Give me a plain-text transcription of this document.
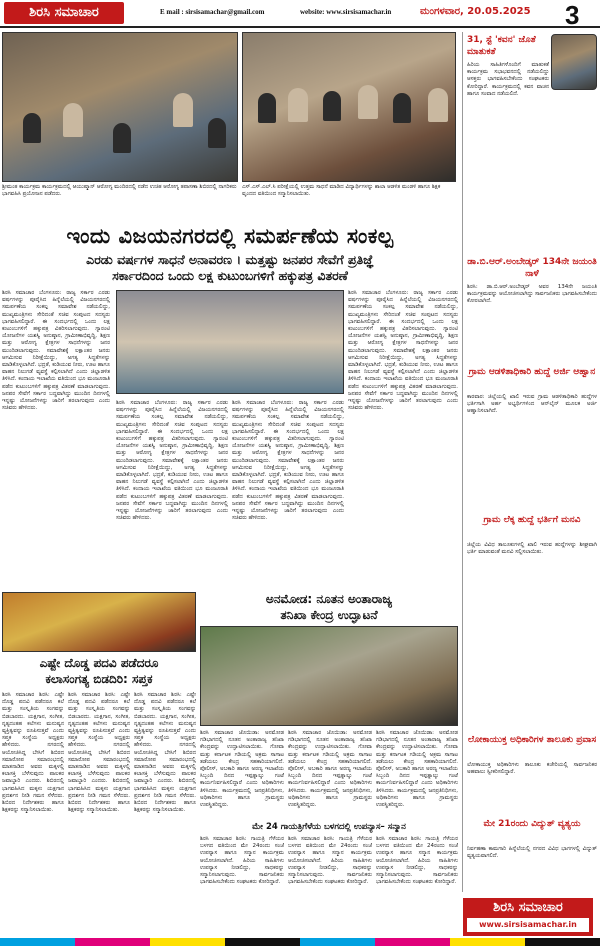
ಶಿರಸಿ ಸಮಾಚಾರ	E mail : sirsisamachar@gmail.com	website: www.sirsisamachar.in	ಮಂಗಳವಾರ, 20.05.2025 3
ಶ್ರೀಮಂತ ಕಾರ್ಯಕ್ರಮ ಕಾರ್ಯಕ್ರಮದಲ್ಲಿ ಆಯುಷ್ಮಾನ್ ಆರೋಗ್ಯ ಮಂದಿರದಲ್ಲಿ ನಡೆದ ಉಚಿತ ಆರೋಗ್ಯ ತಪಾಸಣಾ ಶಿಬಿರದಲ್ಲಿ ನಾಗರಿಕರು ಭಾಗವಹಿಸಿ ಪ್ರಯೋಜನ ಪಡೆದರು.
ಎಸ್.ಎಸ್.ಎಲ್.ಸಿ ಪರೀಕ್ಷೆಯಲ್ಲಿ ಉತ್ತಮ ಸಾಧನೆ ಮಾಡಿದ ವಿದ್ಯಾರ್ಥಿಗಳನ್ನು ಶಾಲಾ ಆಡಳಿತ ಮಂಡಳಿ ಹಾಗೂ ಶಿಕ್ಷಕ ವೃಂದದ ವತಿಯಿಂದ ಸನ್ಮಾನಿಸಲಾಯಿತು.
31, ಸ್ಟೆ 'ಕವನ' ಜೊತೆ ಮಾತುಕತೆ
ಹಿರಿಯ ಸಾಹಿತಿಗಳೊಂದಿಗೆ ಮಾತುಕತೆ ಕಾರ್ಯಕ್ರಮ ಸಭಾಭವನದಲ್ಲಿ ನಡೆಯಲಿದ್ದು ಆಸಕ್ತರು ಭಾಗವಹಿಸಬೇಕೆಂದು ಸಂಘಟಕರು ಕೋರಿದ್ದಾರೆ. ಕಾರ್ಯಕ್ರಮದಲ್ಲಿ ಕವನ ವಾಚನ ಹಾಗೂ ಸಂವಾದ ನಡೆಯಲಿದೆ.
ಡಾ.ಬಿ.ಆರ್.ಅಂಬೇಡ್ಕರ್ 134ನೇ ಜಯಂತಿ ನಾಳೆ
ಶಿರಸಿ: ಡಾ.ಬಿ.ಆರ್.ಅಂಬೇಡ್ಕರ್ ಅವರ 134ನೇ ಜಯಂತಿ ಕಾರ್ಯಕ್ರಮವನ್ನು ಆಯೋಜಿಸಲಾಗಿದ್ದು ಸಾರ್ವಜನಿಕರು ಭಾಗವಹಿಸಬೇಕೆಂದು ಕೋರಲಾಗಿದೆ.
ಗ್ರಾಮ ಆಡಳಿತಾಧಿಕಾರಿ ಹುದ್ದೆ ಅರ್ಜಿ ಆಹ್ವಾನ
ಕಾರವಾರ: ಜಿಲ್ಲೆಯಲ್ಲಿ ಖಾಲಿ ಇರುವ ಗ್ರಾಮ ಆಡಳಿತಾಧಿಕಾರಿ ಹುದ್ದೆಗಳ ಭರ್ತಿಗಾಗಿ ಅರ್ಹ ಅಭ್ಯರ್ಥಿಗಳಿಂದ ಆನ್‌ಲೈನ್ ಮೂಲಕ ಅರ್ಜಿ ಆಹ್ವಾನಿಸಲಾಗಿದೆ.
ಗ್ರಾಮ ಲೆಕ್ಕ ಹುದ್ದೆ ಭರ್ತಿಗೆ ಮನವಿ
ಜಿಲ್ಲೆಯ ವಿವಿಧ ತಾಲೂಕುಗಳಲ್ಲಿ ಖಾಲಿ ಇರುವ ಹುದ್ದೆಗಳನ್ನು ಶೀಘ್ರವಾಗಿ ಭರ್ತಿ ಮಾಡುವಂತೆ ಮನವಿ ಸಲ್ಲಿಸಲಾಯಿತು.
ಲೋಕಾಯುಕ್ತ ಅಧಿಕಾರಿಗಳ ತಾಲೂಕು ಪ್ರವಾಸ
ಲೋಕಾಯುಕ್ತ ಅಧಿಕಾರಿಗಳು ತಾಲೂಕು ಕಚೇರಿಯಲ್ಲಿ ಸಾರ್ವಜನಿಕರ ಅಹವಾಲು ಸ್ವೀಕರಿಸಲಿದ್ದಾರೆ.
ಮೇ 21ರಂದು ವಿದ್ಯುತ್ ವ್ಯತ್ಯಯ
ನಿರ್ವಹಣಾ ಕಾಮಗಾರಿ ಹಿನ್ನೆಲೆಯಲ್ಲಿ ನಗರದ ವಿವಿಧ ಭಾಗಗಳಲ್ಲಿ ವಿದ್ಯುತ್ ವ್ಯತ್ಯಯವಾಗಲಿದೆ.
ಇಂದು ವಿಜಯನಗರದಲ್ಲಿ ಸಮರ್ಪಣೆಯ ಸಂಕಲ್ಪ
ಎರಡು ವರ್ಷಗಳ ಸಾಧನೆ ಅನಾವರಣ । ಮತ್ತಷ್ಟು ಜನಪರ ಸೇವೆಗೆ ಪ್ರತಿಜ್ಞೆ
ಸರ್ಕಾರದಿಂದ ಒಂದು ಲಕ್ಷ ಕುಟುಂಬಗಳಿಗೆ ಹಕ್ಕುಪತ್ರ ವಿತರಣೆ
ಶಿರಸಿ ಸಮಾಚಾರ ಬೆಂಗಳೂರು: ರಾಜ್ಯ ಸರ್ಕಾರ ಎರಡು ವರ್ಷಗಳನ್ನು ಪೂರೈಸಿದ ಹಿನ್ನೆಲೆಯಲ್ಲಿ ವಿಜಯನಗರದಲ್ಲಿ ಸಮರ್ಪಣೆಯ ಸಂಕಲ್ಪ ಸಮಾವೇಶ ನಡೆಯಲಿದ್ದು, ಮುಖ್ಯಮಂತ್ರಿಗಳು ಸೇರಿದಂತೆ ಸಚಿವ ಸಂಪುಟದ ಸದಸ್ಯರು ಭಾಗವಹಿಸಲಿದ್ದಾರೆ. ಈ ಸಂದರ್ಭದಲ್ಲಿ ಒಂದು ಲಕ್ಷ ಕುಟುಂಬಗಳಿಗೆ ಹಕ್ಕುಪತ್ರ ವಿತರಿಸಲಾಗುವುದು. ಗ್ಯಾರಂಟಿ ಯೋಜನೆಗಳ ಯಶಸ್ವಿ ಅನುಷ್ಠಾನ, ಗ್ರಾಮೀಣಾಭಿವೃದ್ಧಿ, ಶಿಕ್ಷಣ ಮತ್ತು ಆರೋಗ್ಯ ಕ್ಷೇತ್ರಗಳ ಸಾಧನೆಗಳನ್ನು ಜನರ ಮುಂದಿಡಲಾಗುವುದು. ಸಮಾವೇಶಕ್ಕೆ ಲಕ್ಷಾಂತರ ಜನರು ಆಗಮಿಸುವ ನಿರೀಕ್ಷೆಯಿದ್ದು, ಅಗತ್ಯ ಸಿದ್ಧತೆಗಳನ್ನು ಮಾಡಿಕೊಳ್ಳಲಾಗಿದೆ. ಭದ್ರತೆ, ಕುಡಿಯುವ ನೀರು, ಊಟ ಹಾಗೂ ವಾಹನ ನಿಲುಗಡೆ ವ್ಯವಸ್ಥೆ ಕಲ್ಪಿಸಲಾಗಿದೆ ಎಂದು ಜಿಲ್ಲಾಡಳಿತ ತಿಳಿಸಿದೆ. ಕಂದಾಯ ಇಲಾಖೆಯ ವತಿಯಿಂದ ಭೂ ಮಂಜೂರಾತಿ ಪಡೆದ ಕುಟುಂಬಗಳಿಗೆ ಹಕ್ಕುಪತ್ರ ವಿತರಣೆ ಮಾಡಲಾಗುವುದು. ಜನಪರ ಸೇವೆಗೆ ಸರ್ಕಾರ ಬದ್ಧವಾಗಿದ್ದು ಮುಂದಿನ ದಿನಗಳಲ್ಲಿ ಇನ್ನಷ್ಟು ಯೋಜನೆಗಳನ್ನು ಜಾರಿಗೆ ತರಲಾಗುವುದು ಎಂದು ಸಚಿವರು ಹೇಳಿದರು.
ಶಿರಸಿ ಸಮಾಚಾರ ಬೆಂಗಳೂರು: ರಾಜ್ಯ ಸರ್ಕಾರ ಎರಡು ವರ್ಷಗಳನ್ನು ಪೂರೈಸಿದ ಹಿನ್ನೆಲೆಯಲ್ಲಿ ವಿಜಯನಗರದಲ್ಲಿ ಸಮರ್ಪಣೆಯ ಸಂಕಲ್ಪ ಸಮಾವೇಶ ನಡೆಯಲಿದ್ದು, ಮುಖ್ಯಮಂತ್ರಿಗಳು ಸೇರಿದಂತೆ ಸಚಿವ ಸಂಪುಟದ ಸದಸ್ಯರು ಭಾಗವಹಿಸಲಿದ್ದಾರೆ. ಈ ಸಂದರ್ಭದಲ್ಲಿ ಒಂದು ಲಕ್ಷ ಕುಟುಂಬಗಳಿಗೆ ಹಕ್ಕುಪತ್ರ ವಿತರಿಸಲಾಗುವುದು. ಗ್ಯಾರಂಟಿ ಯೋಜನೆಗಳ ಯಶಸ್ವಿ ಅನುಷ್ಠಾನ, ಗ್ರಾಮೀಣಾಭಿವೃದ್ಧಿ, ಶಿಕ್ಷಣ ಮತ್ತು ಆರೋಗ್ಯ ಕ್ಷೇತ್ರಗಳ ಸಾಧನೆಗಳನ್ನು ಜನರ ಮುಂದಿಡಲಾಗುವುದು. ಸಮಾವೇಶಕ್ಕೆ ಲಕ್ಷಾಂತರ ಜನರು ಆಗಮಿಸುವ ನಿರೀಕ್ಷೆಯಿದ್ದು, ಅಗತ್ಯ ಸಿದ್ಧತೆಗಳನ್ನು ಮಾಡಿಕೊಳ್ಳಲಾಗಿದೆ. ಭದ್ರತೆ, ಕುಡಿಯುವ ನೀರು, ಊಟ ಹಾಗೂ ವಾಹನ ನಿಲುಗಡೆ ವ್ಯವಸ್ಥೆ ಕಲ್ಪಿಸಲಾಗಿದೆ ಎಂದು ಜಿಲ್ಲಾಡಳಿತ ತಿಳಿಸಿದೆ. ಕಂದಾಯ ಇಲಾಖೆಯ ವತಿಯಿಂದ ಭೂ ಮಂಜೂರಾತಿ ಪಡೆದ ಕುಟುಂಬಗಳಿಗೆ ಹಕ್ಕುಪತ್ರ ವಿತರಣೆ ಮಾಡಲಾಗುವುದು. ಜನಪರ ಸೇವೆಗೆ ಸರ್ಕಾರ ಬದ್ಧವಾಗಿದ್ದು ಮುಂದಿನ ದಿನಗಳಲ್ಲಿ ಇನ್ನಷ್ಟು ಯೋಜನೆಗಳನ್ನು ಜಾರಿಗೆ ತರಲಾಗುವುದು ಎಂದು ಸಚಿವರು ಹೇಳಿದರು.
ಶಿರಸಿ ಸಮಾಚಾರ ಬೆಂಗಳೂರು: ರಾಜ್ಯ ಸರ್ಕಾರ ಎರಡು ವರ್ಷಗಳನ್ನು ಪೂರೈಸಿದ ಹಿನ್ನೆಲೆಯಲ್ಲಿ ವಿಜಯನಗರದಲ್ಲಿ ಸಮರ್ಪಣೆಯ ಸಂಕಲ್ಪ ಸಮಾವೇಶ ನಡೆಯಲಿದ್ದು, ಮುಖ್ಯಮಂತ್ರಿಗಳು ಸೇರಿದಂತೆ ಸಚಿವ ಸಂಪುಟದ ಸದಸ್ಯರು ಭಾಗವಹಿಸಲಿದ್ದಾರೆ. ಈ ಸಂದರ್ಭದಲ್ಲಿ ಒಂದು ಲಕ್ಷ ಕುಟುಂಬಗಳಿಗೆ ಹಕ್ಕುಪತ್ರ ವಿತರಿಸಲಾಗುವುದು. ಗ್ಯಾರಂಟಿ ಯೋಜನೆಗಳ ಯಶಸ್ವಿ ಅನುಷ್ಠಾನ, ಗ್ರಾಮೀಣಾಭಿವೃದ್ಧಿ, ಶಿಕ್ಷಣ ಮತ್ತು ಆರೋಗ್ಯ ಕ್ಷೇತ್ರಗಳ ಸಾಧನೆಗಳನ್ನು ಜನರ ಮುಂದಿಡಲಾಗುವುದು. ಸಮಾವೇಶಕ್ಕೆ ಲಕ್ಷಾಂತರ ಜನರು ಆಗಮಿಸುವ ನಿರೀಕ್ಷೆಯಿದ್ದು, ಅಗತ್ಯ ಸಿದ್ಧತೆಗಳನ್ನು ಮಾಡಿಕೊಳ್ಳಲಾಗಿದೆ. ಭದ್ರತೆ, ಕುಡಿಯುವ ನೀರು, ಊಟ ಹಾಗೂ ವಾಹನ ನಿಲುಗಡೆ ವ್ಯವಸ್ಥೆ ಕಲ್ಪಿಸಲಾಗಿದೆ ಎಂದು ಜಿಲ್ಲಾಡಳಿತ ತಿಳಿಸಿದೆ. ಕಂದಾಯ ಇಲಾಖೆಯ ವತಿಯಿಂದ ಭೂ ಮಂಜೂರಾತಿ ಪಡೆದ ಕುಟುಂಬಗಳಿಗೆ ಹಕ್ಕುಪತ್ರ ವಿತರಣೆ ಮಾಡಲಾಗುವುದು. ಜನಪರ ಸೇವೆಗೆ ಸರ್ಕಾರ ಬದ್ಧವಾಗಿದ್ದು ಮುಂದಿನ ದಿನಗಳಲ್ಲಿ ಇನ್ನಷ್ಟು ಯೋಜನೆಗಳನ್ನು ಜಾರಿಗೆ ತರಲಾಗುವುದು ಎಂದು ಸಚಿವರು ಹೇಳಿದರು.
ಶಿರಸಿ ಸಮಾಚಾರ ಬೆಂಗಳೂರು: ರಾಜ್ಯ ಸರ್ಕಾರ ಎರಡು ವರ್ಷಗಳನ್ನು ಪೂರೈಸಿದ ಹಿನ್ನೆಲೆಯಲ್ಲಿ ವಿಜಯನಗರದಲ್ಲಿ ಸಮರ್ಪಣೆಯ ಸಂಕಲ್ಪ ಸಮಾವೇಶ ನಡೆಯಲಿದ್ದು, ಮುಖ್ಯಮಂತ್ರಿಗಳು ಸೇರಿದಂತೆ ಸಚಿವ ಸಂಪುಟದ ಸದಸ್ಯರು ಭಾಗವಹಿಸಲಿದ್ದಾರೆ. ಈ ಸಂದರ್ಭದಲ್ಲಿ ಒಂದು ಲಕ್ಷ ಕುಟುಂಬಗಳಿಗೆ ಹಕ್ಕುಪತ್ರ ವಿತರಿಸಲಾಗುವುದು. ಗ್ಯಾರಂಟಿ ಯೋಜನೆಗಳ ಯಶಸ್ವಿ ಅನುಷ್ಠಾನ, ಗ್ರಾಮೀಣಾಭಿವೃದ್ಧಿ, ಶಿಕ್ಷಣ ಮತ್ತು ಆರೋಗ್ಯ ಕ್ಷೇತ್ರಗಳ ಸಾಧನೆಗಳನ್ನು ಜನರ ಮುಂದಿಡಲಾಗುವುದು. ಸಮಾವೇಶಕ್ಕೆ ಲಕ್ಷಾಂತರ ಜನರು ಆಗಮಿಸುವ ನಿರೀಕ್ಷೆಯಿದ್ದು, ಅಗತ್ಯ ಸಿದ್ಧತೆಗಳನ್ನು ಮಾಡಿಕೊಳ್ಳಲಾಗಿದೆ. ಭದ್ರತೆ, ಕುಡಿಯುವ ನೀರು, ಊಟ ಹಾಗೂ ವಾಹನ ನಿಲುಗಡೆ ವ್ಯವಸ್ಥೆ ಕಲ್ಪಿಸಲಾಗಿದೆ ಎಂದು ಜಿಲ್ಲಾಡಳಿತ ತಿಳಿಸಿದೆ. ಕಂದಾಯ ಇಲಾಖೆಯ ವತಿಯಿಂದ ಭೂ ಮಂಜೂರಾತಿ ಪಡೆದ ಕುಟುಂಬಗಳಿಗೆ ಹಕ್ಕುಪತ್ರ ವಿತರಣೆ ಮಾಡಲಾಗುವುದು. ಜನಪರ ಸೇವೆಗೆ ಸರ್ಕಾರ ಬದ್ಧವಾಗಿದ್ದು ಮುಂದಿನ ದಿನಗಳಲ್ಲಿ ಇನ್ನಷ್ಟು ಯೋಜನೆಗಳನ್ನು ಜಾರಿಗೆ ತರಲಾಗುವುದು ಎಂದು ಸಚಿವರು ಹೇಳಿದರು.
ಎಷ್ಟೇ ದೊಡ್ಡ ಪದವಿ ಪಡೆದರೂ
ಕಲಾಸಂಗತ್ಯ ಬಿಡದಿರಿ: ಸಪ್ತಕ
ಶಿರಸಿ ಸಮಾಚಾರ ಶಿರಸಿ: ಎಷ್ಟೇ ದೊಡ್ಡ ಪದವಿ ಪಡೆದರೂ ಕಲೆ ಮತ್ತು ಸಂಸ್ಕೃತಿಯ ಸಂಗವನ್ನು ಬಿಡಬಾರದು. ಯಕ್ಷಗಾನ, ಸಂಗೀತ, ನೃತ್ಯದಂತಹ ಕಲೆಗಳು ಮನುಷ್ಯನ ವ್ಯಕ್ತಿತ್ವವನ್ನು ರೂಪಿಸುತ್ತವೆ ಎಂದು ಸಪ್ತಕ ಸಂಸ್ಥೆಯ ಅಧ್ಯಕ್ಷರು ಹೇಳಿದರು. ನಗರದಲ್ಲಿ ಆಯೋಜಿಸಿದ್ದ ಬೇಸಿಗೆ ಶಿಬಿರದ ಸಮಾರೋಪ ಸಮಾರಂಭದಲ್ಲಿ ಮಾತನಾಡಿದ ಅವರು ಮಕ್ಕಳಲ್ಲಿ ಕಲಾಸಕ್ತಿ ಬೆಳೆಸುವುದು ಪಾಲಕರ ಜವಾಬ್ದಾರಿ ಎಂದರು. ಶಿಬಿರದಲ್ಲಿ ಭಾಗವಹಿಸಿದ ಮಕ್ಕಳು ಯಕ್ಷಗಾನ ಪ್ರದರ್ಶನ ನೀಡಿ ಗಮನ ಸೆಳೆದರು. ಶಿಬಿರದ ನಿರ್ದೇಶಕರು ಹಾಗೂ ಶಿಕ್ಷಕರನ್ನು ಸನ್ಮಾನಿಸಲಾಯಿತು.
ಶಿರಸಿ ಸಮಾಚಾರ ಶಿರಸಿ: ಎಷ್ಟೇ ದೊಡ್ಡ ಪದವಿ ಪಡೆದರೂ ಕಲೆ ಮತ್ತು ಸಂಸ್ಕೃತಿಯ ಸಂಗವನ್ನು ಬಿಡಬಾರದು. ಯಕ್ಷಗಾನ, ಸಂಗೀತ, ನೃತ್ಯದಂತಹ ಕಲೆಗಳು ಮನುಷ್ಯನ ವ್ಯಕ್ತಿತ್ವವನ್ನು ರೂಪಿಸುತ್ತವೆ ಎಂದು ಸಪ್ತಕ ಸಂಸ್ಥೆಯ ಅಧ್ಯಕ್ಷರು ಹೇಳಿದರು. ನಗರದಲ್ಲಿ ಆಯೋಜಿಸಿದ್ದ ಬೇಸಿಗೆ ಶಿಬಿರದ ಸಮಾರೋಪ ಸಮಾರಂಭದಲ್ಲಿ ಮಾತನಾಡಿದ ಅವರು ಮಕ್ಕಳಲ್ಲಿ ಕಲಾಸಕ್ತಿ ಬೆಳೆಸುವುದು ಪಾಲಕರ ಜವಾಬ್ದಾರಿ ಎಂದರು. ಶಿಬಿರದಲ್ಲಿ ಭಾಗವಹಿಸಿದ ಮಕ್ಕಳು ಯಕ್ಷಗಾನ ಪ್ರದರ್ಶನ ನೀಡಿ ಗಮನ ಸೆಳೆದರು. ಶಿಬಿರದ ನಿರ್ದೇಶಕರು ಹಾಗೂ ಶಿಕ್ಷಕರನ್ನು ಸನ್ಮಾನಿಸಲಾಯಿತು.
ಶಿರಸಿ ಸಮಾಚಾರ ಶಿರಸಿ: ಎಷ್ಟೇ ದೊಡ್ಡ ಪದವಿ ಪಡೆದರೂ ಕಲೆ ಮತ್ತು ಸಂಸ್ಕೃತಿಯ ಸಂಗವನ್ನು ಬಿಡಬಾರದು. ಯಕ್ಷಗಾನ, ಸಂಗೀತ, ನೃತ್ಯದಂತಹ ಕಲೆಗಳು ಮನುಷ್ಯನ ವ್ಯಕ್ತಿತ್ವವನ್ನು ರೂಪಿಸುತ್ತವೆ ಎಂದು ಸಪ್ತಕ ಸಂಸ್ಥೆಯ ಅಧ್ಯಕ್ಷರು ಹೇಳಿದರು. ನಗರದಲ್ಲಿ ಆಯೋಜಿಸಿದ್ದ ಬೇಸಿಗೆ ಶಿಬಿರದ ಸಮಾರೋಪ ಸಮಾರಂಭದಲ್ಲಿ ಮಾತನಾಡಿದ ಅವರು ಮಕ್ಕಳಲ್ಲಿ ಕಲಾಸಕ್ತಿ ಬೆಳೆಸುವುದು ಪಾಲಕರ ಜವಾಬ್ದಾರಿ ಎಂದರು. ಶಿಬಿರದಲ್ಲಿ ಭಾಗವಹಿಸಿದ ಮಕ್ಕಳು ಯಕ್ಷಗಾನ ಪ್ರದರ್ಶನ ನೀಡಿ ಗಮನ ಸೆಳೆದರು. ಶಿಬಿರದ ನಿರ್ದೇಶಕರು ಹಾಗೂ ಶಿಕ್ಷಕರನ್ನು ಸನ್ಮಾನಿಸಲಾಯಿತು.
ಅನಮೋಡ: ನೂತನ ಅಂತಾರಾಜ್ಯ
ತನಿಖಾ ಕೇಂದ್ರ ಉದ್ಘಾಟನೆ
ಶಿರಸಿ ಸಮಾಚಾರ ಜೊಯಿಡಾ: ಅನಮೋಡ ಗಡಿಭಾಗದಲ್ಲಿ ನೂತನ ಅಂತಾರಾಜ್ಯ ತನಿಖಾ ಕೇಂದ್ರವನ್ನು ಉದ್ಘಾಟಿಸಲಾಯಿತು. ಗೋವಾ ಮತ್ತು ಕರ್ನಾಟಕ ಗಡಿಯಲ್ಲಿ ಅಕ್ರಮ ಸಾಗಾಟ ತಡೆಯಲು ಕೇಂದ್ರ ಸಹಕಾರಿಯಾಗಲಿದೆ. ಪೊಲೀಸ್, ಅಬಕಾರಿ ಹಾಗೂ ಅರಣ್ಯ ಇಲಾಖೆಯ ಸಿಬ್ಬಂದಿ ದಿನದ ಇಪ್ಪತ್ನಾಲ್ಕು ಗಂಟೆ ಕಾರ್ಯನಿರ್ವಹಿಸಲಿದ್ದಾರೆ ಎಂದು ಅಧಿಕಾರಿಗಳು ತಿಳಿಸಿದರು. ಕಾರ್ಯಕ್ರಮದಲ್ಲಿ ಜನಪ್ರತಿನಿಧಿಗಳು, ಅಧಿಕಾರಿಗಳು ಹಾಗೂ ಗ್ರಾಮಸ್ಥರು ಉಪಸ್ಥಿತರಿದ್ದರು.
ಶಿರಸಿ ಸಮಾಚಾರ ಜೊಯಿಡಾ: ಅನಮೋಡ ಗಡಿಭಾಗದಲ್ಲಿ ನೂತನ ಅಂತಾರಾಜ್ಯ ತನಿಖಾ ಕೇಂದ್ರವನ್ನು ಉದ್ಘಾಟಿಸಲಾಯಿತು. ಗೋವಾ ಮತ್ತು ಕರ್ನಾಟಕ ಗಡಿಯಲ್ಲಿ ಅಕ್ರಮ ಸಾಗಾಟ ತಡೆಯಲು ಕೇಂದ್ರ ಸಹಕಾರಿಯಾಗಲಿದೆ. ಪೊಲೀಸ್, ಅಬಕಾರಿ ಹಾಗೂ ಅರಣ್ಯ ಇಲಾಖೆಯ ಸಿಬ್ಬಂದಿ ದಿನದ ಇಪ್ಪತ್ನಾಲ್ಕು ಗಂಟೆ ಕಾರ್ಯನಿರ್ವಹಿಸಲಿದ್ದಾರೆ ಎಂದು ಅಧಿಕಾರಿಗಳು ತಿಳಿಸಿದರು. ಕಾರ್ಯಕ್ರಮದಲ್ಲಿ ಜನಪ್ರತಿನಿಧಿಗಳು, ಅಧಿಕಾರಿಗಳು ಹಾಗೂ ಗ್ರಾಮಸ್ಥರು ಉಪಸ್ಥಿತರಿದ್ದರು.
ಶಿರಸಿ ಸಮಾಚಾರ ಜೊಯಿಡಾ: ಅನಮೋಡ ಗಡಿಭಾಗದಲ್ಲಿ ನೂತನ ಅಂತಾರಾಜ್ಯ ತನಿಖಾ ಕೇಂದ್ರವನ್ನು ಉದ್ಘಾಟಿಸಲಾಯಿತು. ಗೋವಾ ಮತ್ತು ಕರ್ನಾಟಕ ಗಡಿಯಲ್ಲಿ ಅಕ್ರಮ ಸಾಗಾಟ ತಡೆಯಲು ಕೇಂದ್ರ ಸಹಕಾರಿಯಾಗಲಿದೆ. ಪೊಲೀಸ್, ಅಬಕಾರಿ ಹಾಗೂ ಅರಣ್ಯ ಇಲಾಖೆಯ ಸಿಬ್ಬಂದಿ ದಿನದ ಇಪ್ಪತ್ನಾಲ್ಕು ಗಂಟೆ ಕಾರ್ಯನಿರ್ವಹಿಸಲಿದ್ದಾರೆ ಎಂದು ಅಧಿಕಾರಿಗಳು ತಿಳಿಸಿದರು. ಕಾರ್ಯಕ್ರಮದಲ್ಲಿ ಜನಪ್ರತಿನಿಧಿಗಳು, ಅಧಿಕಾರಿಗಳು ಹಾಗೂ ಗ್ರಾಮಸ್ಥರು ಉಪಸ್ಥಿತರಿದ್ದರು.
ಮೇ 24 ಗಾಯತ್ರಿಗೆಳೆಯ ಬಳಗದಲ್ಲಿ ಉಪನ್ಯಾಸ– ಸನ್ಮಾನ
ಶಿರಸಿ ಸಮಾಚಾರ ಶಿರಸಿ: ಗಾಯತ್ರಿ ಗೆಳೆಯರ ಬಳಗದ ವತಿಯಿಂದ ಮೇ 24ರಂದು ಸಂಜೆ ಉಪನ್ಯಾಸ ಹಾಗೂ ಸನ್ಮಾನ ಕಾರ್ಯಕ್ರಮ ಆಯೋಜಿಸಲಾಗಿದೆ. ಹಿರಿಯ ಸಾಹಿತಿಗಳು ಉಪನ್ಯಾಸ ನೀಡಲಿದ್ದು, ಸಾಧಕರನ್ನು ಸನ್ಮಾನಿಸಲಾಗುವುದು. ಸಾರ್ವಜನಿಕರು ಭಾಗವಹಿಸಬೇಕೆಂದು ಸಂಘಟಕರು ಕೋರಿದ್ದಾರೆ.
ಶಿರಸಿ ಸಮಾಚಾರ ಶಿರಸಿ: ಗಾಯತ್ರಿ ಗೆಳೆಯರ ಬಳಗದ ವತಿಯಿಂದ ಮೇ 24ರಂದು ಸಂಜೆ ಉಪನ್ಯಾಸ ಹಾಗೂ ಸನ್ಮಾನ ಕಾರ್ಯಕ್ರಮ ಆಯೋಜಿಸಲಾಗಿದೆ. ಹಿರಿಯ ಸಾಹಿತಿಗಳು ಉಪನ್ಯಾಸ ನೀಡಲಿದ್ದು, ಸಾಧಕರನ್ನು ಸನ್ಮಾನಿಸಲಾಗುವುದು. ಸಾರ್ವಜನಿಕರು ಭಾಗವಹಿಸಬೇಕೆಂದು ಸಂಘಟಕರು ಕೋರಿದ್ದಾರೆ.
ಶಿರಸಿ ಸಮಾಚಾರ ಶಿರಸಿ: ಗಾಯತ್ರಿ ಗೆಳೆಯರ ಬಳಗದ ವತಿಯಿಂದ ಮೇ 24ರಂದು ಸಂಜೆ ಉಪನ್ಯಾಸ ಹಾಗೂ ಸನ್ಮಾನ ಕಾರ್ಯಕ್ರಮ ಆಯೋಜಿಸಲಾಗಿದೆ. ಹಿರಿಯ ಸಾಹಿತಿಗಳು ಉಪನ್ಯಾಸ ನೀಡಲಿದ್ದು, ಸಾಧಕರನ್ನು ಸನ್ಮಾನಿಸಲಾಗುವುದು. ಸಾರ್ವಜನಿಕರು ಭಾಗವಹಿಸಬೇಕೆಂದು ಸಂಘಟಕರು ಕೋರಿದ್ದಾರೆ.
ಶಿರಸಿ ಸಮಾಚಾರ
www.sirsisamachar.in
